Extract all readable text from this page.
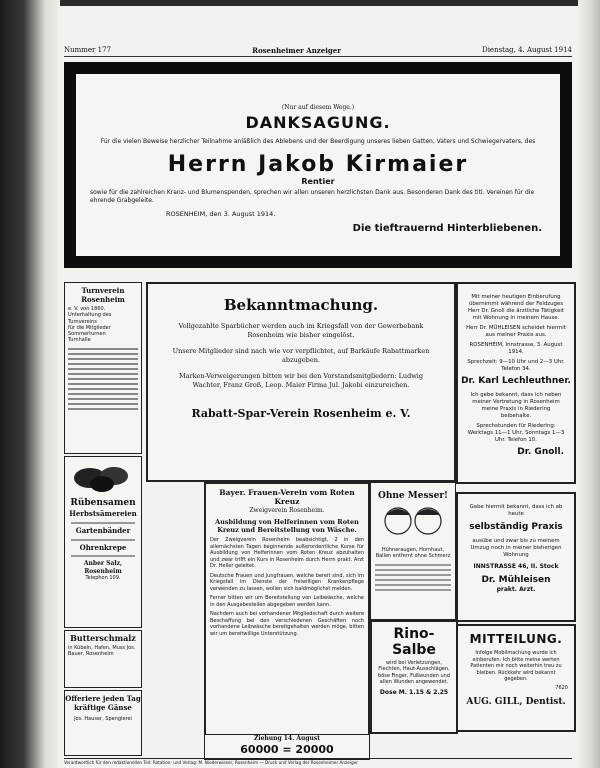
Nummer 177	Rosenheimer Anzeiger	Dienstag, 4. August 1914
(Nur auf diesem Wege.)
DANKSAGUNG.
Für die vielen Beweise herzlicher Teilnahme anläßlich des Ablebens und der Beerdigung unseres lieben Gatten, Vaters und Schwiegervaters, des
Herrn Jakob Kirmaier
Rentier
sowie für die zahlreichen Kranz- und Blumenspenden, sprechen wir allen unseren herzlichsten Dank aus. Besonderen Dank des titl. Vereinen für die ehrende Grabgeleite.
ROSENHEIM, den 3. August 1914.
Die tieftrauernd Hinterbliebenen.
Turnverein Rosenheim
e. V. von 1860.
Unterhaltung des Turnvereins
für die Mitglieder
Sommerturnen
Turnhalle
Rübensamen
Herbstsämereien
Gartenbänder
Ohrenkrepe
Anber Salz, Rosenheim
Telephon 109.
Butterschmalz
in Kübeln, Hafen, Muss Jos. Bauer, Rosenheim
Offeriere jeden Tag kräftige Gänse
Jos. Hauser, Spenglerei
Bekanntmachung.

Vollgezahlte Sparbücher werden auch im Kriegsfall von der Gewerbebank Rosenheim wie bisher eingelöst.

Unsere Mitglieder sind nach wie vor verpflichtet, auf Barkäufe Rabattmarken abzugeben.

Marken-Verweigerungen bitten wir bei den Vorstandsmitgliedern: Ludwig Wachter, Franz Groß, Leop. Maier Firma Jul. Jakobi einzureichen.

Rabatt-Spar-Verein Rosenheim e. V.

Mit meiner heutigen Einberufung übernimmt während der Feldzuges Herr Dr. Gnoll die ärztliche Tätigkeit mit Wohnung in meinem Hause.

Herr Dr. MÜHLEISEN scheidet hiermit aus meiner Praxis aus.

ROSENHEIM, Innstrasse, 3. August 1914.

Sprechzeit: 9—10 Uhr und 2—3 Uhr. Telefon 34.

Dr. Karl Lechleuthner.

Ich gebe bekannt, dass ich neben meiner Vertretung in Rosenheim meine Praxis in Riedering beibehalte.

Sprechstunden für Riedering: Werktags 11—1 Uhr, Sonntags 1—3 Uhr. Telefon 10.

Dr. Gnoll.
Bayer. Frauen-Verein vom Roten Kreuz
Zweigverein Rosenheim.
Ausbildung von Helferinnen vom Roten Kreuz und Bereitstellung von Wäsche.

Der Zweigverein Rosenheim beabsichtigt, 2 in den allernächsten Tagen beginnende außerordentliche Kurse für Ausbildung von Helferinnen vom Roten Kreuz abzuhalten und zwar trifft ein Kurs in Rosenheim durch Herrn prakt. Arzt Dr. Heller geleitet.

Deutsche Frauen und Jungfrauen, welche bereit sind, sich im Kriegsfall im Dienste der freiwilligen Krankenpflege verwenden zu lassen, wollen sich baldmöglichst melden.

Ferner bitten wir um Bereitstellung von Leibwäsche, welche in den Ausgabestellen abgegeben werden kann.

Nachdem auch bei vorhandener Mitgliedschaft durch weitere Beschaffung bei den verschiedenen Geschäften noch vorhandene Leibwäsche bereitgehalten werden möge, bitten wir um bereitwillige Unterstützung.

Ohne Messer!
Hühneraugen, Hornhaut, Ballen entfernt ohne Schmerz
Rino-Salbe

wird bei Verletzungen, Flechten, Haut-Ausschlägen, böse Finger, Fußwunden und allen Wunden angewendet.

Dose M. 1.15 & 2.25

Gebe hiermit bekannt, dass ich ab heute

selbständig Praxis

ausübe und zwar bis zu meinem Umzug noch in meiner bisherigen Wohnung

INNSTRASSE 46, II. Stock

Dr. Mühleisen

prakt. Arzt.

MITTEILUNG.

Infolge Mobilmachung wurde ich einberufen. Ich bitte meine werten Patienten mir noch weiterhin treu zu bleiben. Rückkehr wird bekannt gegeben.

7620

AUG. GILL, Dentist.
Ziehung 14. August
60000 = 20000
Verantwortlich für den redaktionellen Teil: Rotation- und Verlag: M. Niederwieser, Rosenheim — Druck und Verlag der Rosenheimer Anzeiger
